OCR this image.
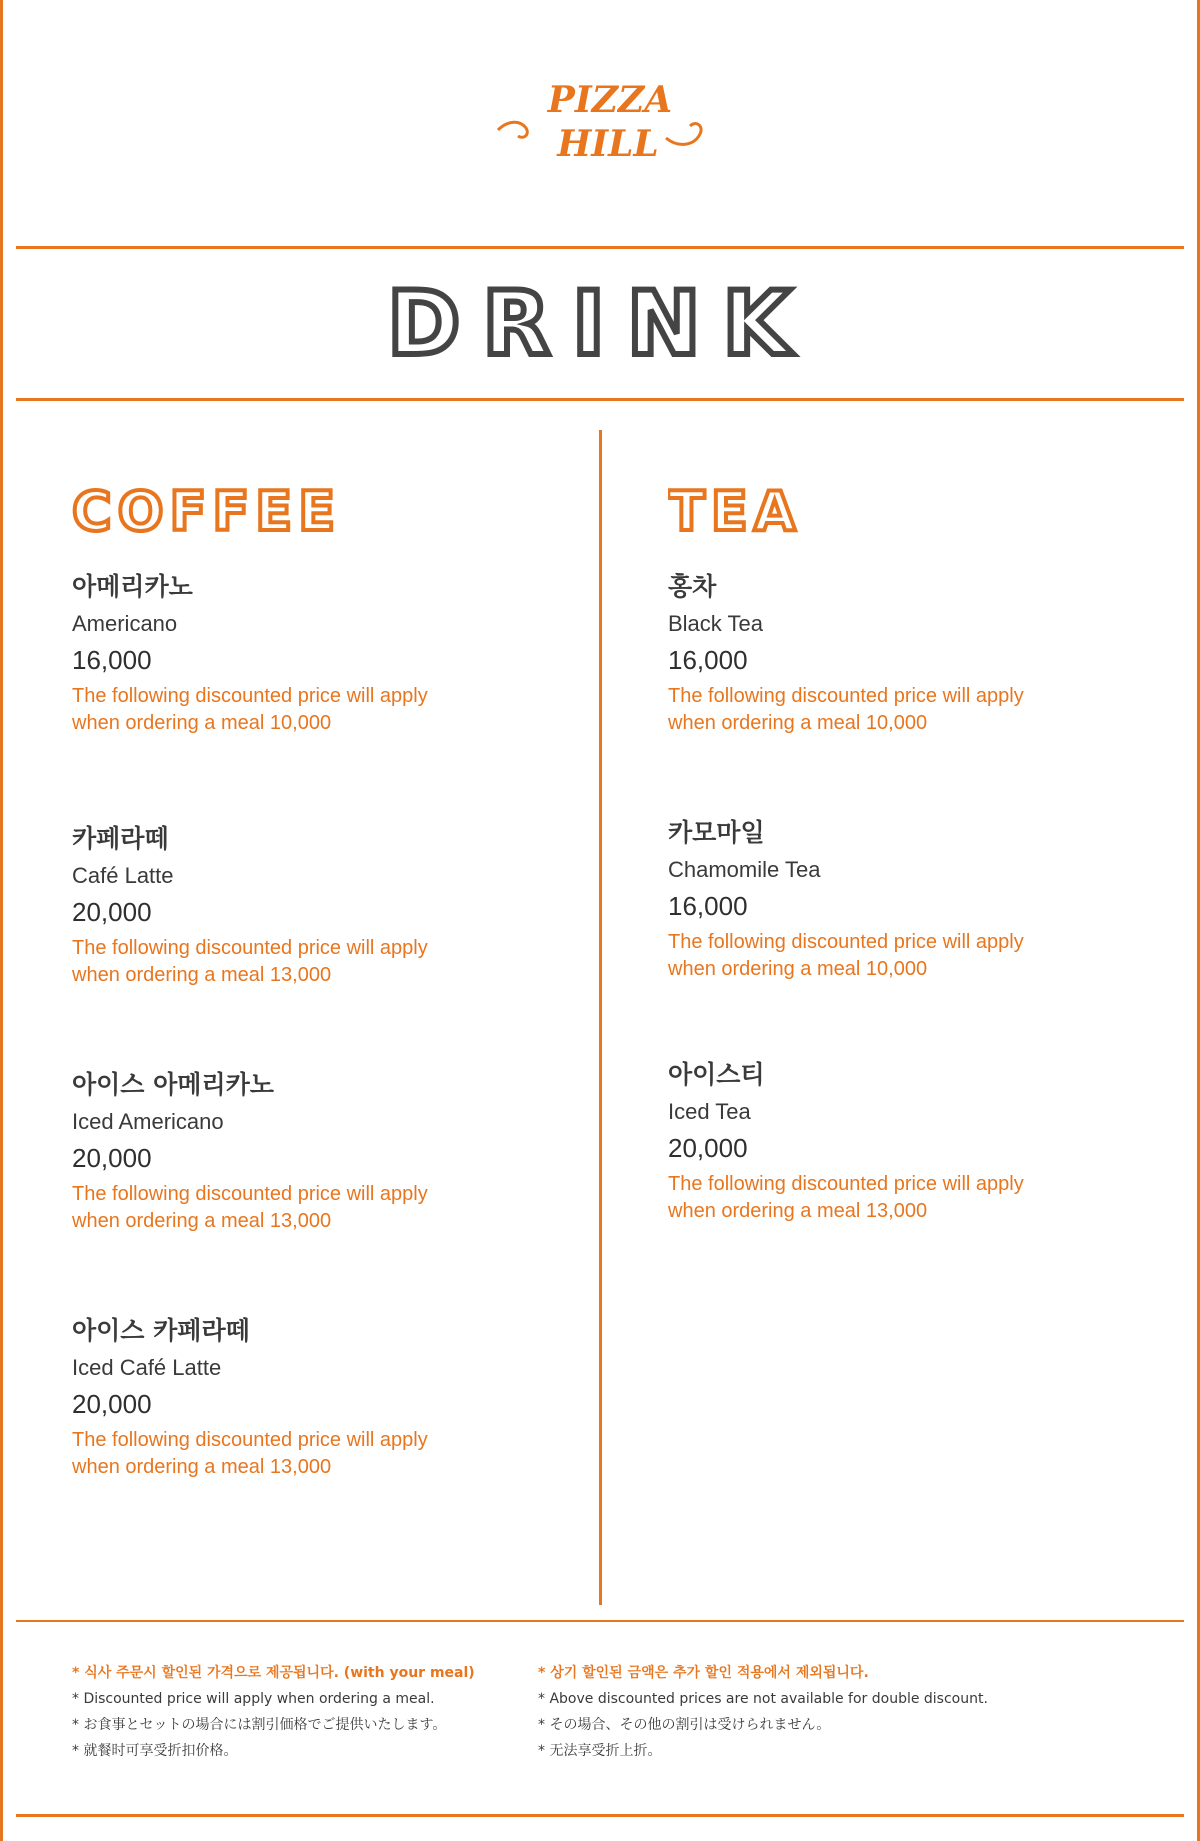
PIZZA
HILL
DRINK
COFFEE
아메리카노
Americano
16,000
The following discounted price will apply
when ordering a meal 10,000
카페라떼
Café Latte
20,000
The following discounted price will apply
when ordering a meal 13,000
아이스 아메리카노
Iced Americano
20,000
The following discounted price will apply
when ordering a meal 13,000
아이스 카페라떼
Iced Café Latte
20,000
The following discounted price will apply
when ordering a meal 13,000
TEA
홍차
Black Tea
16,000
The following discounted price will apply
when ordering a meal 10,000
카모마일
Chamomile Tea
16,000
The following discounted price will apply
when ordering a meal 10,000
아이스티
Iced Tea
20,000
The following discounted price will apply
when ordering a meal 13,000
* 식사 주문시 할인된 가격으로 제공됩니다. (with your meal)
* Discounted price will apply when ordering a meal.
* お食事とセットの場合には割引価格でご提供いたします。
* 就餐时可享受折扣价格。
* 상기 할인된 금액은 추가 할인 적용에서 제외됩니다.
* Above discounted prices are not available for double discount.
* その場合、その他の割引は受けられません。
* 无法享受折上折。
